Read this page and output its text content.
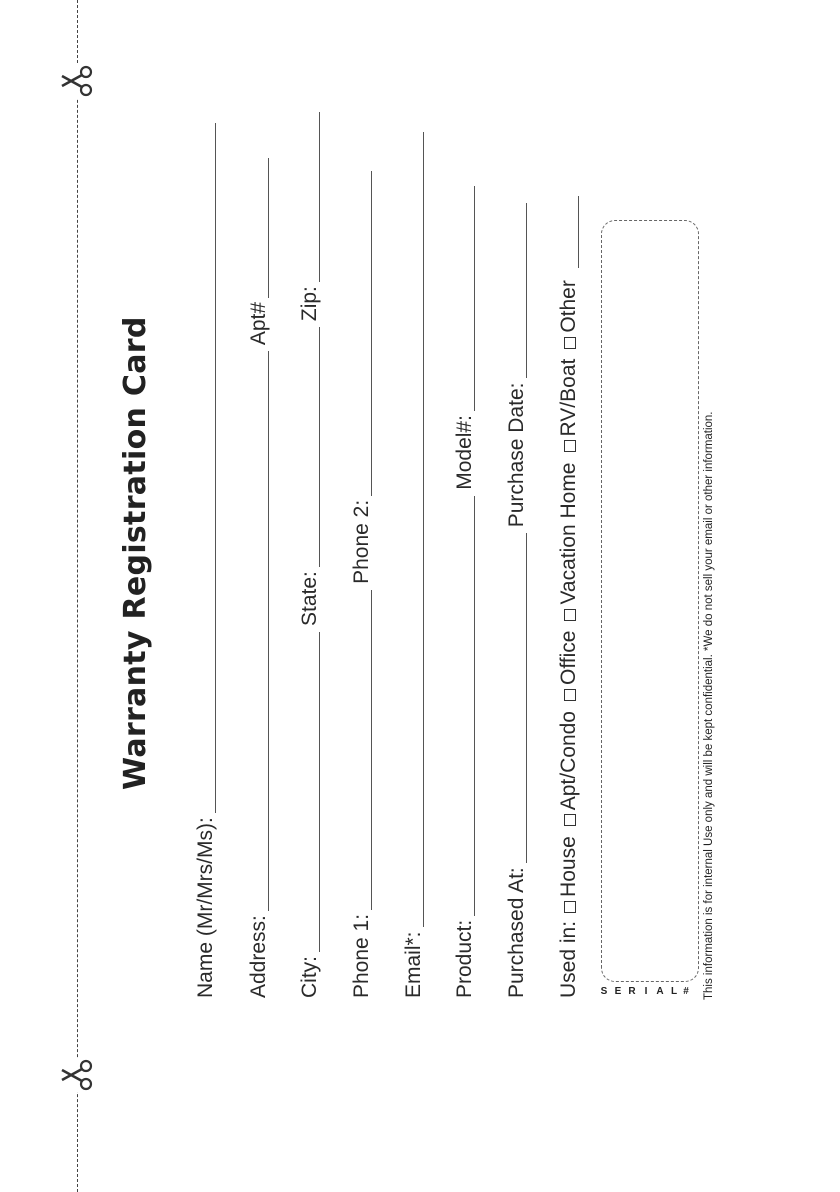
Warranty Registration Card
Name (Mr/Mrs/Ms): Address:
Apt#
City:
State:
Zip:
Phone 1:
Phone 2:
Email*: Product:
Model#:
Purchased At:
Purchase Date:
Used in:
House
Apt/Condo
Office
Vacation Home
RV/Boat
Other
S E R I A L # This information is for internal Use only and will be kept confidential. *We do not sell your email or other information.
